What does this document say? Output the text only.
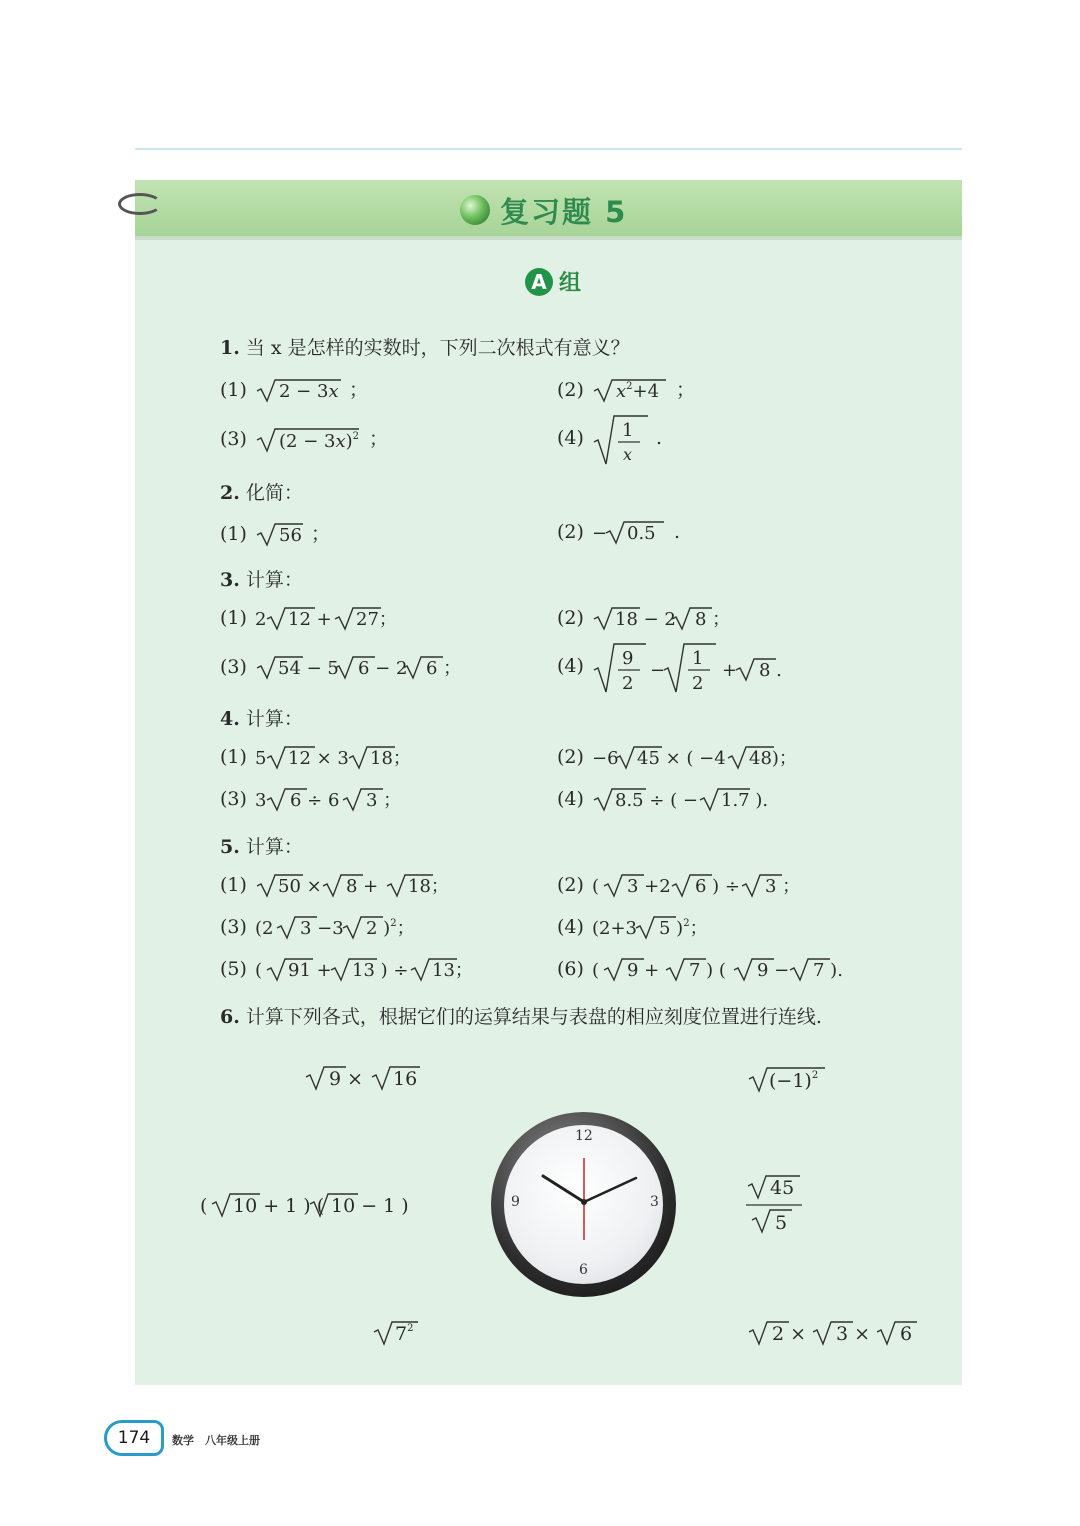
复习题 5
A 组
1. 当 x 是怎样的实数时，下列二次根式有意义？
(1) 2 − 3x ；	(2) $x^2+4$ ；
(3) $(2 - 3x)^2$ ；	(4) 1
x
.
2. 化简：
(1) 56 ；	(2) − 0.5 .
3. 计算：
(1) 2 12 + 27；	(2) 18 − 2 8 ；
(3) 54 − 5 6 − 2 6 ；	(4) 9
2
−
1
2
+ 8 .
4. 计算：
(1) 5 12 × 3 18；	(2) −6 45 × ( −4 48)；
(3) 3 6 ÷ 6 3 ；	(4) 8.5 ÷ ( − 1.7 ).
5. 计算：
(1) 50 × 8 + 18；	(2) ( 3 +2 6 ) ÷ 3 ；
(3) (2 3 −3 2 )$^2$；	(4) (2+3 5 )$^2$；
(5) ( 91 + 13 ) ÷ 13；	(6) ( 9 + 7 ) ( 9 − 7 ).
6. 计算下列各式，根据它们的运算结果与表盘的相应刻度位置进行连线.
9 × 16	$(-1)^2$
( 10 + 1 ) ( 10 − 1 )
45
5
$7^2$	2 × 3 × 6
12
3
6
9
174 数学　八年级上册
